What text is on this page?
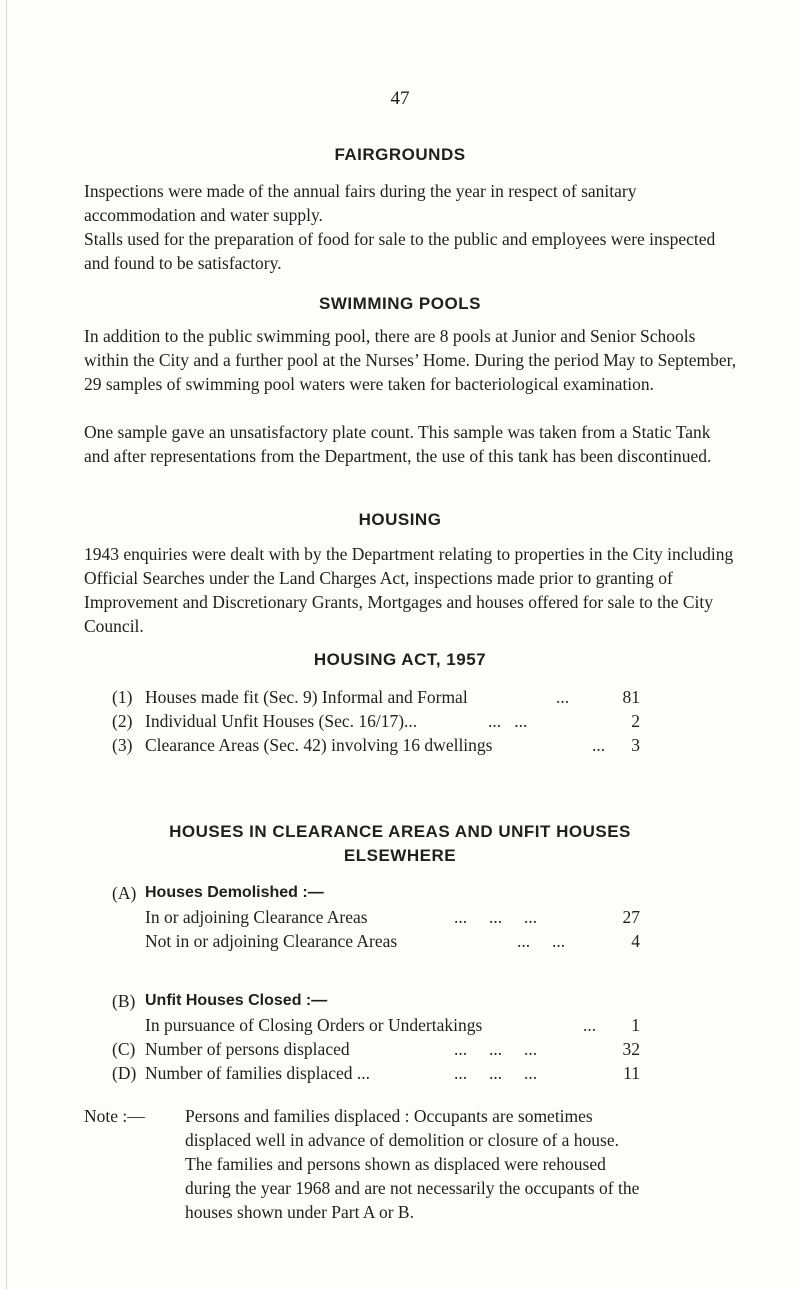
47
FAIRGROUNDS

Inspections were made of the annual fairs during the year in respect of sanitary accommodation and water supply.

Stalls used for the preparation of food for sale to the public and employees were inspected and found to be satisfactory.

SWIMMING POOLS

In addition to the public swimming pool, there are 8 pools at Junior and Senior Schools within the City and a further pool at the Nurses’ Home. During the period May to September, 29 samples of swimming pool waters were taken for bacteriological examination.

One sample gave an unsatisfactory plate count. This sample was taken from a Static Tank and after representations from the Department, the use of this tank has been discontinued.

HOUSING

1943 enquiries were dealt with by the Department relating to properties in the City including Official Searches under the Land Charges Act, inspections made prior to granting of Improvement and Discretionary Grants, Mortgages and houses offered for sale to the City Council.

HOUSING ACT, 1957
(1) Houses made fit (Sec. 9) Informal and Formal	...	81
(2) Individual Unfit Houses (Sec. 16/17)...	...   ...	2
(3) Clearance Areas (Sec. 42) involving 16 dwellings	... 3
HOUSES IN CLEARANCE AREAS AND UNFIT HOUSES
ELSEWHERE
(A) Houses Demolished :—
In or adjoining Clearance Areas	...     ...     ...	27
Not in or adjoining Clearance Areas	...     ...	4
(B) Unfit Houses Closed :—
In pursuance of Closing Orders or Undertakings	... 1
(C) Number of persons displaced	...     ...     ...	32
(D) Number of families displaced ...	...     ...     ...	11
Note :— Persons and families displaced : Occupants are sometimes displaced well in advance of demolition or closure of a house. The families and persons shown as displaced were rehoused during the year 1968 and are not necessarily the occupants of the houses shown under Part A or B.
